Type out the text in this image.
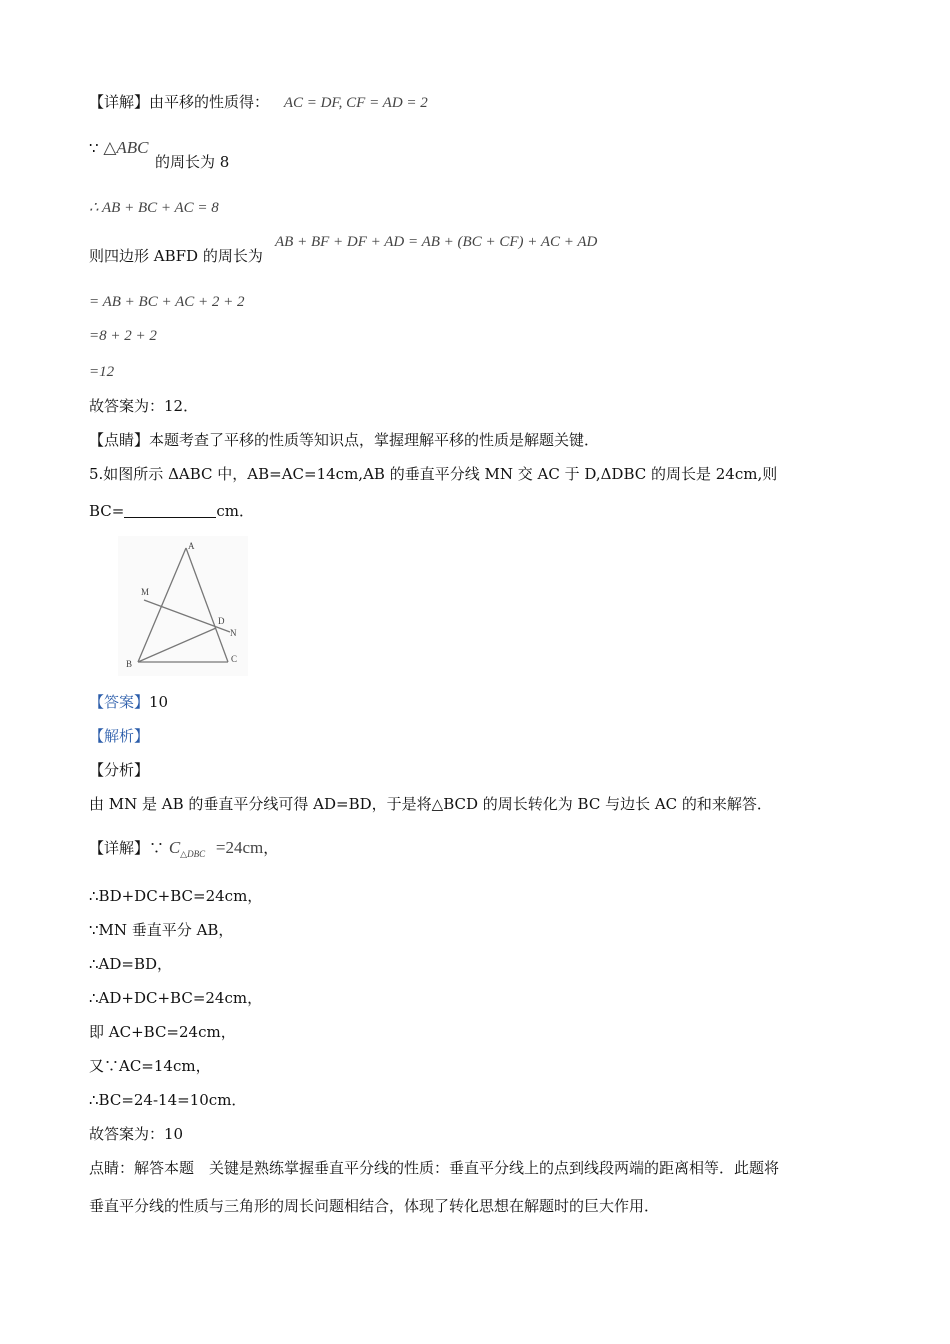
【详解】由平移的性质得： AC = DF, CF = AD = 2
∵ △ABC
的周长为 8
∴ AB + BC + AC = 8
AB + BF + DF + AD = AB + (BC + CF) + AC + AD
则四边形 ABFD 的周长为
= AB + BC + AC + 2 + 2
=8 + 2 + 2
=12
故答案为：12．
【点睛】本题考查了平移的性质等知识点，掌握理解平移的性质是解题关键．
5.如图所示 ΔABC 中，AB=AC=14cm,AB 的垂直平分线 MN 交 AC 于 D,ΔDBC 的周长是 24cm,则
BC=	cm．
A
B	C
D
M
N
【答案】10
【解析】
【分析】
由 MN 是 AB 的垂直平分线可得 AD=BD，于是将△BCD 的周长转化为 BC 与边长 AC 的和来解答．
【详解】∵ $C_{\triangle DBC} =24cm$，
∴BD+DC+BC=24cm，
∵MN 垂直平分 AB，
∴AD=BD，
∴AD+DC+BC=24cm，
即 AC+BC=24cm，
又∵AC=14cm，
∴BC=24-14=10cm．
故答案为：10
点睛：解答本题　关键是熟练掌握垂直平分线的性质：垂直平分线上的点到线段两端的距离相等．此题将
垂直平分线的性质与三角形的周长问题相结合，体现了转化思想在解题时的巨大作用．
